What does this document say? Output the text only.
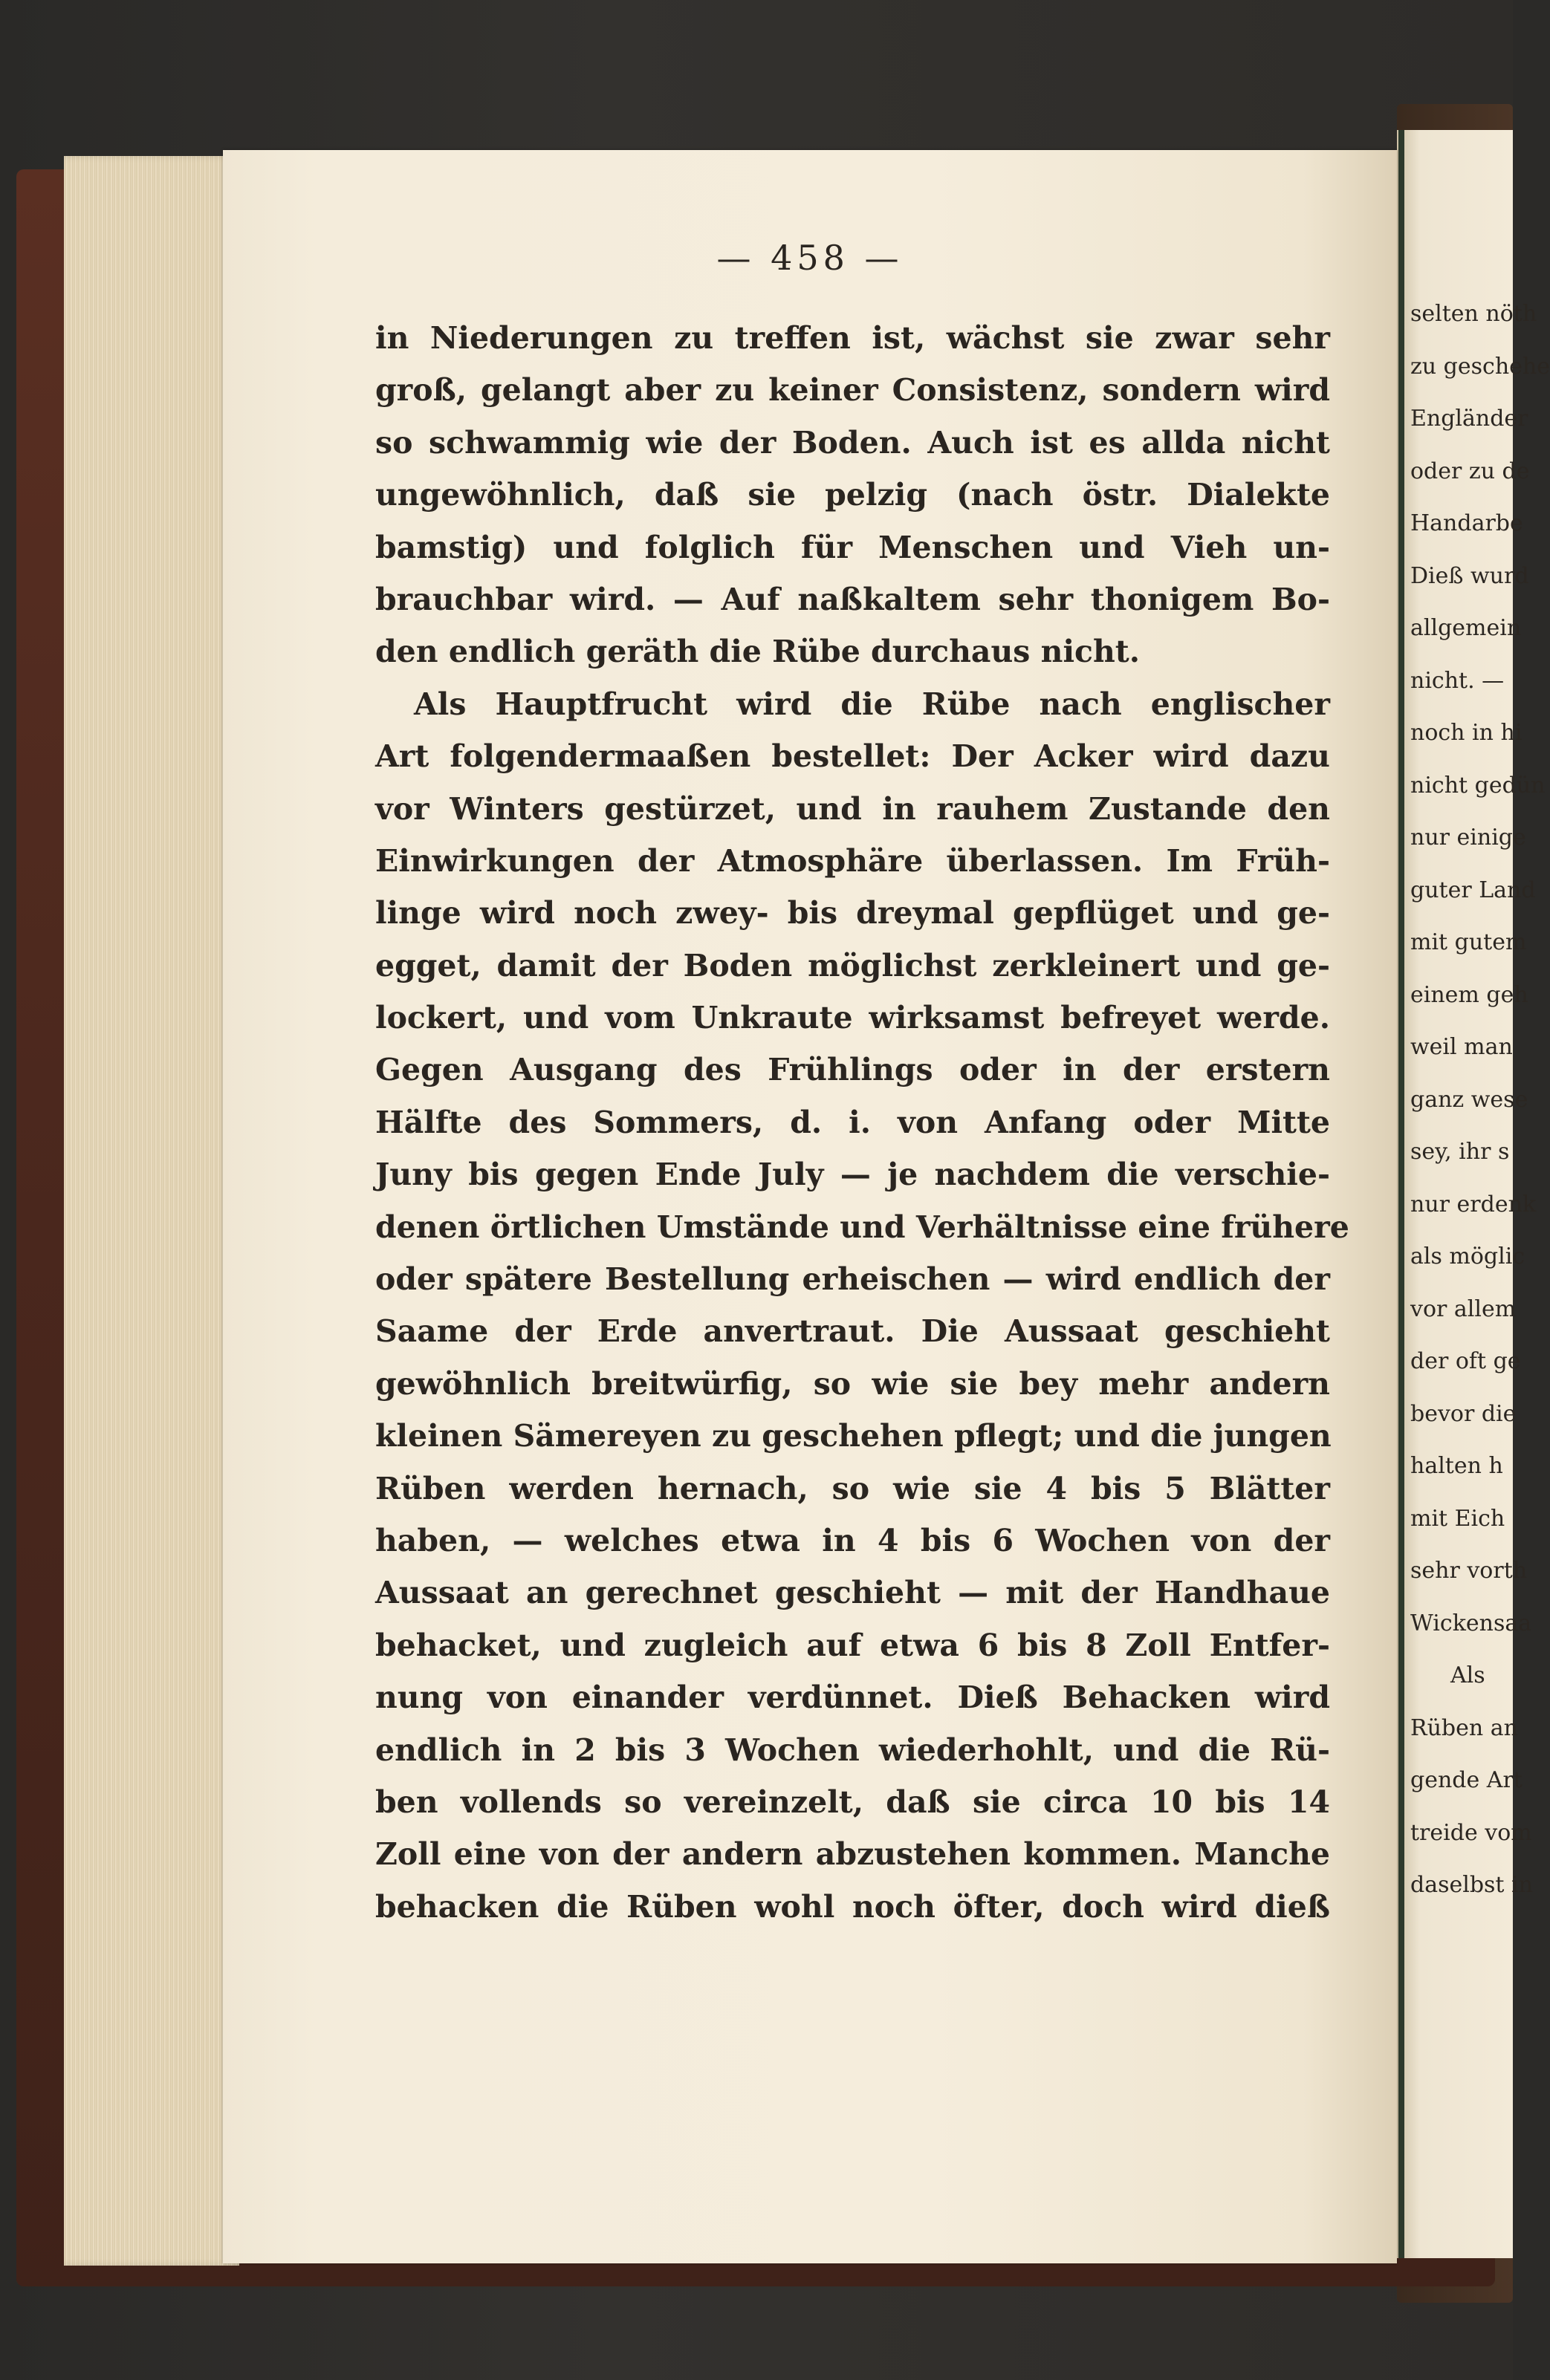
— 458 —
in Niederungen zu treffen ist, wächst sie zwar sehr
groß, gelangt aber zu keiner Consistenz, sondern wird
so schwammig wie der Boden. Auch ist es allda nicht
ungewöhnlich, daß sie pelzig (nach östr. Dialekte
bamstig) und folglich für Menschen und Vieh un-
brauchbar wird. — Auf naßkaltem sehr thonigem Bo-
den endlich geräth die Rübe durchaus nicht.
Als Hauptfrucht wird die Rübe nach englischer
Art folgendermaaßen bestellet: Der Acker wird dazu
vor Winters gestürzet, und in rauhem Zustande den
Einwirkungen der Atmosphäre überlassen. Im Früh-
linge wird noch zwey- bis dreymal gepflüget und ge-
egget, damit der Boden möglichst zerkleinert und ge-
lockert, und vom Unkraute wirksamst befreyet werde.
Gegen Ausgang des Frühlings oder in der erstern
Hälfte des Sommers, d. i. von Anfang oder Mitte
Juny bis gegen Ende July — je nachdem die verschie-
denen örtlichen Umstände und Verhältnisse eine frühere
oder spätere Bestellung erheischen — wird endlich der
Saame der Erde anvertraut. Die Aussaat geschieht
gewöhnlich breitwürfig, so wie sie bey mehr andern
kleinen Sämereyen zu geschehen pflegt; und die jungen
Rüben werden hernach, so wie sie 4 bis 5 Blätter
haben, — welches etwa in 4 bis 6 Wochen von der
Aussaat an gerechnet geschieht — mit der Handhaue
behacket, und zugleich auf etwa 6 bis 8 Zoll Entfer-
nung von einander verdünnet. Dieß Behacken wird
endlich in 2 bis 3 Wochen wiederhohlt, und die Rü-
ben vollends so vereinzelt, daß sie circa 10 bis 14
Zoll eine von der andern abzustehen kommen. Manche
behacken die Rüben wohl noch öfter, doch wird dieß
selten nöth
zu geschehe
Engländer
oder zu de
Handarbe
Dieß wurd
allgemein
nicht. —
noch in hi
nicht gedün
nur einige
guter Land
mit gutem
einem geh
weil man
ganz wese
sey, ihr s
nur erdenk
als möglic
vor allem
der oft ge
bevor die
halten h
mit Eich
sehr vorth
Wickensaa
Als
Rüben an
gende Art
treide vom
daselbst in
